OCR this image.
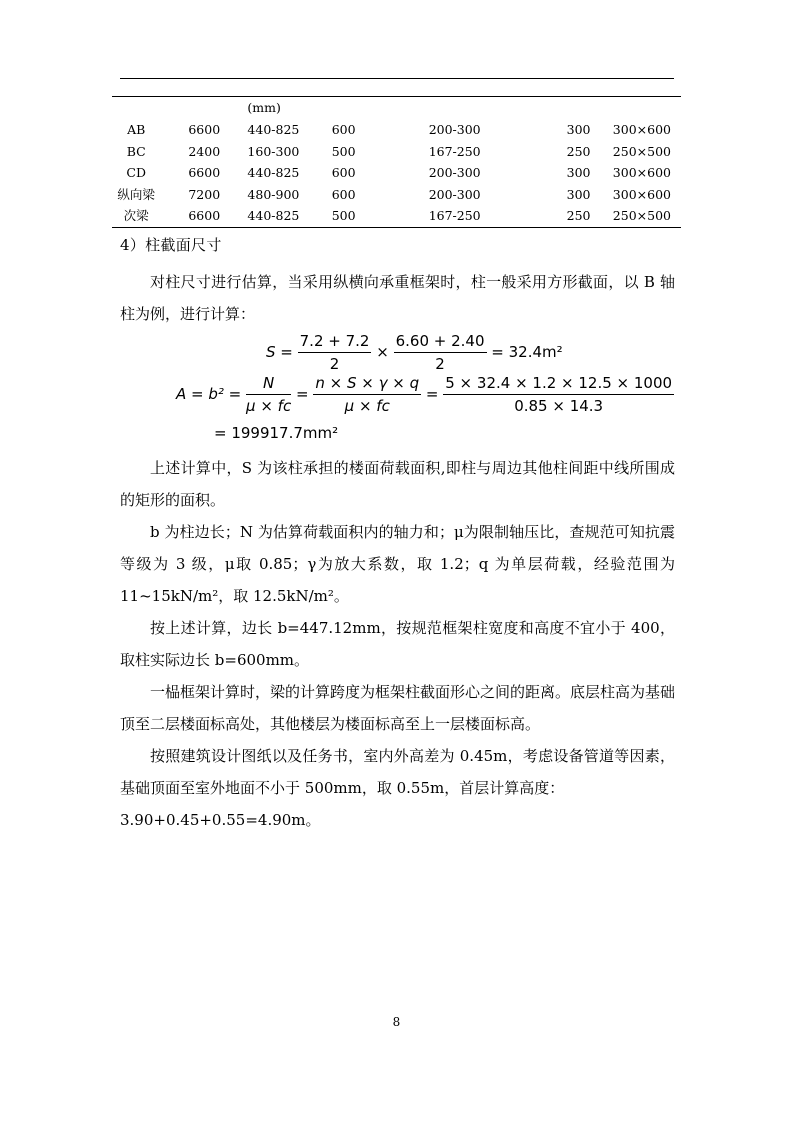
		(mm)				
AB	6600	440-825	600	200-300	300	300×600
BC	2400	160-300	500	167-250	250	250×500
CD	6600	440-825	600	200-300	300	300×600
纵向梁	7200	480-900	600	200-300	300	300×600
次梁	6600	440-825	500	167-250	250	250×500
4）柱截面尺寸
对柱尺寸进行估算，当采用纵横向承重框架时，柱一般采用方形截面，以 B 轴柱为例，进行计算：
$S = \frac{7.2 + 7.2}{2} \times \frac{6.60 + 2.40}{2} = 32.4m^2$
$A = b^2 = \frac{N}{\mu \times fc} = \frac{n \times S \times \gamma \times q}{\mu \times fc} = \frac{5 \times 32.4 \times 1.2 \times 12.5 \times 1000}{0.85 \times 14.3}$
= 199917.7mm²
上述计算中，S 为该柱承担的楼面荷载面积,即柱与周边其他柱间距中线所围成的矩形的面积。
b 为柱边长；N 为估算荷载面积内的轴力和；μ为限制轴压比，查规范可知抗震等级为 3 级，μ取 0.85；γ为放大系数，取 1.2；q 为单层荷载，经验范围为 11~15kN/m²，取 12.5kN/m²。
按上述计算，边长 b=447.12mm，按规范框架柱宽度和高度不宜小于 400，取柱实际边长 b=600mm。
一榀框架计算时，梁的计算跨度为框架柱截面形心之间的距离。底层柱高为基础顶至二层楼面标高处，其他楼层为楼面标高至上一层楼面标高。
按照建筑设计图纸以及任务书，室内外高差为 0.45m，考虑设备管道等因素，基础顶面至室外地面不小于 500mm，取 0.55m，首层计算高度：
3.90+0.45+0.55=4.90m。
8
